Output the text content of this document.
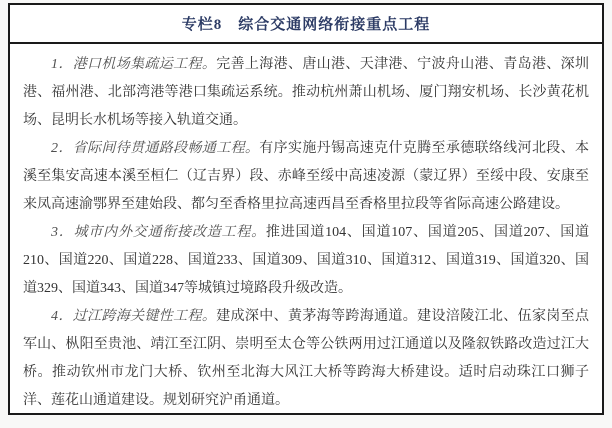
专栏8　综合交通网络衔接重点工程

1．港口机场集疏运工程。完善上海港、唐山港、天津港、宁波舟山港、青岛港、深圳港、福州港、北部湾港等港口集疏运系统。推动杭州萧山机场、厦门翔安机场、长沙黄花机场、昆明长水机场等接入轨道交通。

2．省际间待贯通路段畅通工程。有序实施丹锡高速克什克腾至承德联络线河北段、本溪至集安高速本溪至桓仁（辽吉界）段、赤峰至绥中高速凌源（蒙辽界）至绥中段、安康至来凤高速渝鄂界至建始段、都匀至香格里拉高速西昌至香格里拉段等省际高速公路建设。

3．城市内外交通衔接改造工程。推进国道104、国道107、国道205、国道207、国道210、国道220、国道228、国道233、国道309、国道310、国道312、国道319、国道320、国道329、国道343、国道347等城镇过境路段升级改造。

4．过江跨海关键性工程。建成深中、黄茅海等跨海通道。建设涪陵江北、伍家岗至点军山、枞阳至贵池、靖江至江阴、崇明至太仓等公铁两用过江通道以及隆叙铁路改造过江大桥。推动钦州市龙门大桥、钦州至北海大风江大桥等跨海大桥建设。适时启动珠江口狮子洋、莲花山通道建设。规划研究沪甬通道。
